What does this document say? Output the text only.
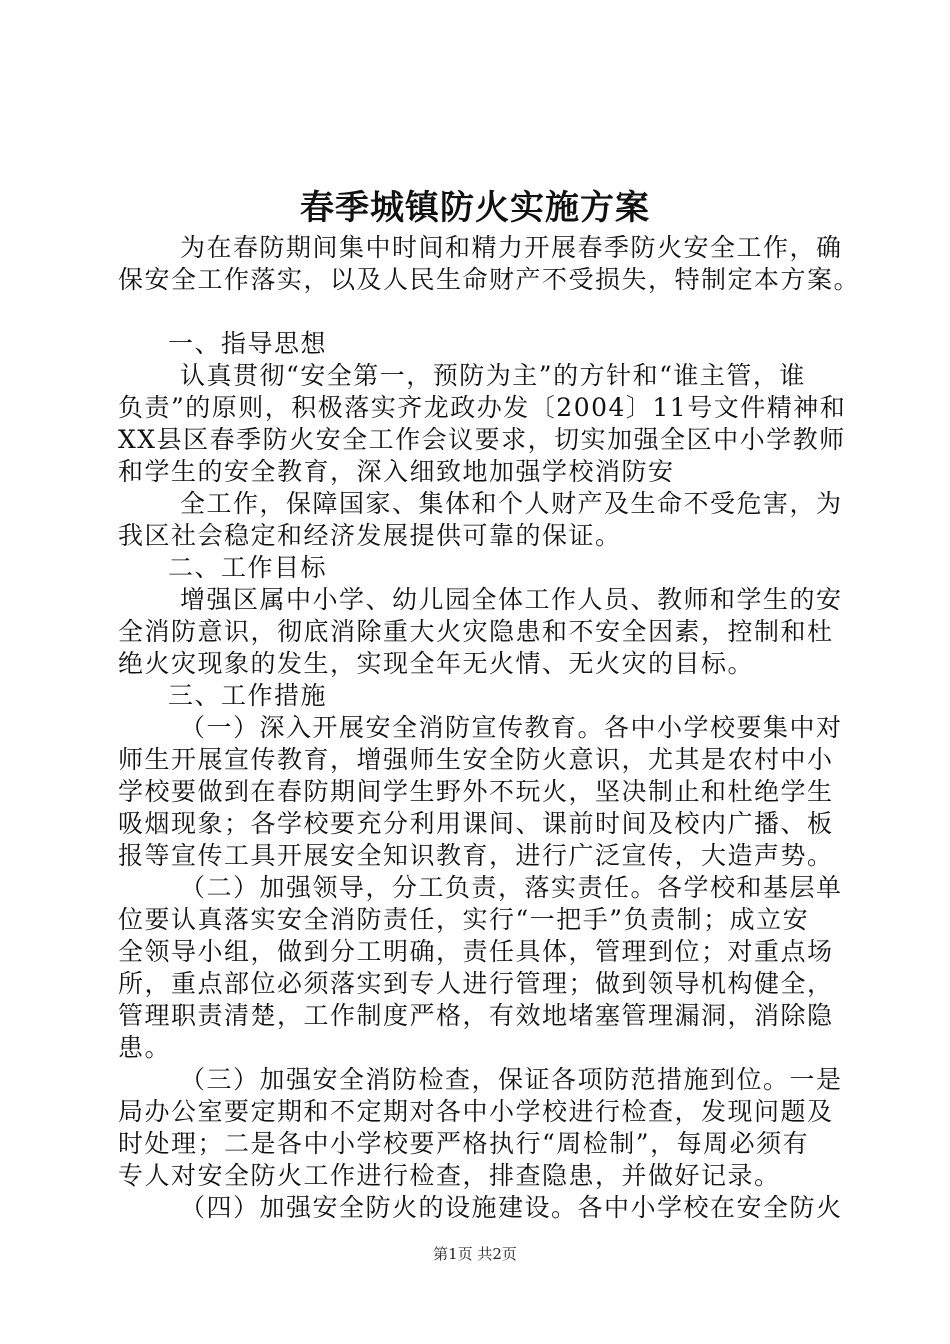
春季城镇防火实施方案
为在春防期间集中时间和精力开展春季防火安全工作，确
保安全工作落实，以及人民生命财产不受损失，特制定本方案。
一、指导思想
认真贯彻“安全第一，预防为主”的方针和“谁主管，谁
负责”的原则，积极落实齐龙政办发〔2004〕11号文件精神和
XX县区春季防火安全工作会议要求，切实加强全区中小学教师
和学生的安全教育，深入细致地加强学校消防安
全工作，保障国家、集体和个人财产及生命不受危害，为
我区社会稳定和经济发展提供可靠的保证。
二、工作目标
增强区属中小学、幼儿园全体工作人员、教师和学生的安
全消防意识，彻底消除重大火灾隐患和不安全因素，控制和杜
绝火灾现象的发生，实现全年无火情、无火灾的目标。
三、工作措施
（一）深入开展安全消防宣传教育。各中小学校要集中对
师生开展宣传教育，增强师生安全防火意识，尤其是农村中小
学校要做到在春防期间学生野外不玩火，坚决制止和杜绝学生
吸烟现象；各学校要充分利用课间、课前时间及校内广播、板
报等宣传工具开展安全知识教育，进行广泛宣传，大造声势。
（二）加强领导，分工负责，落实责任。各学校和基层单
位要认真落实安全消防责任，实行“一把手”负责制；成立安
全领导小组，做到分工明确，责任具体，管理到位；对重点场
所，重点部位必须落实到专人进行管理；做到领导机构健全，
管理职责清楚，工作制度严格，有效地堵塞管理漏洞，消除隐
患。
（三）加强安全消防检查，保证各项防范措施到位。一是
局办公室要定期和不定期对各中小学校进行检查，发现问题及
时处理；二是各中小学校要严格执行“周检制”，每周必须有
专人对安全防火工作进行检查，排查隐患，并做好记录。
（四）加强安全防火的设施建设。各中小学校在安全防火
第1页 共2页
